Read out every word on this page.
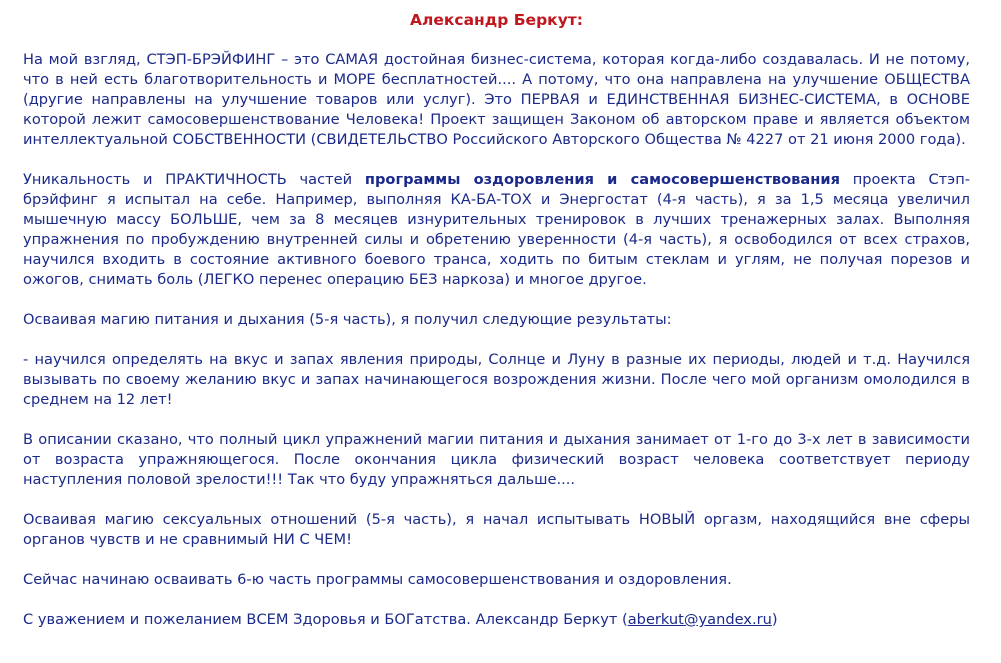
Александр Беркут:

На мой взгляд, СТЭП-БРЭЙФИНГ – это САМАЯ достойная бизнес-система, которая когда-либо создавалась. И не потому, что в ней есть благотворительность и МОРЕ бесплатностей.... А потому, что она направлена на улучшение ОБЩЕСТВА (другие направлены на улучшение товаров или услуг). Это ПЕРВАЯ и ЕДИНСТВЕННАЯ БИЗНЕС-СИСТЕМА, в ОСНОВЕ которой лежит самосовершенствование Человека! Проект защищен Законом об авторском праве и является объектом интеллектуальной СОБСТВЕННОСТИ (СВИДЕТЕЛЬСТВО Российского Авторского Общества № 4227 от 21 июня 2000 года).

Уникальность и ПРАКТИЧНОСТЬ частей программы оздоровления и самосовершенствования проекта Стэп-брэйфинг я испытал на себе. Например, выполняя КА-БА-ТОХ и Энергостат (4-я часть), я за 1,5 месяца увеличил мышечную массу БОЛЬШЕ, чем за 8 месяцев изнурительных тренировок в лучших тренажерных залах. Выполняя упражнения по пробуждению внутренней силы и обретению уверенности (4-я часть), я освободился от всех страхов, научился входить в состояние активного боевого транса, ходить по битым стеклам и углям, не получая порезов и ожогов, снимать боль (ЛЕГКО перенес операцию БЕЗ наркоза) и многое другое.

Осваивая магию питания и дыхания (5-я часть), я получил следующие результаты:

- научился определять на вкус и запах явления природы, Солнце и Луну в разные их периоды, людей и т.д. Научился вызывать по своему желанию вкус и запах начинающегося возрождения жизни. После чего мой организм омолодился в среднем на 12 лет!

В описании сказано, что полный цикл упражнений магии питания и дыхания занимает от 1-го до 3-х лет в зависимости от возраста упражняющегося. После окончания цикла физический возраст человека соответствует периоду наступления половой зрелости!!! Так что буду упражняться дальше....

Осваивая магию сексуальных отношений (5-я часть), я начал испытывать НОВЫЙ оргазм, находящийся вне сферы органов чувств и не сравнимый НИ С ЧЕМ!

Сейчас начинаю осваивать 6-ю часть программы самосовершенствования и оздоровления.

С уважением и пожеланием ВСЕМ Здоровья и БОГатства. Александр Беркут (aberkut@yandex.ru)
